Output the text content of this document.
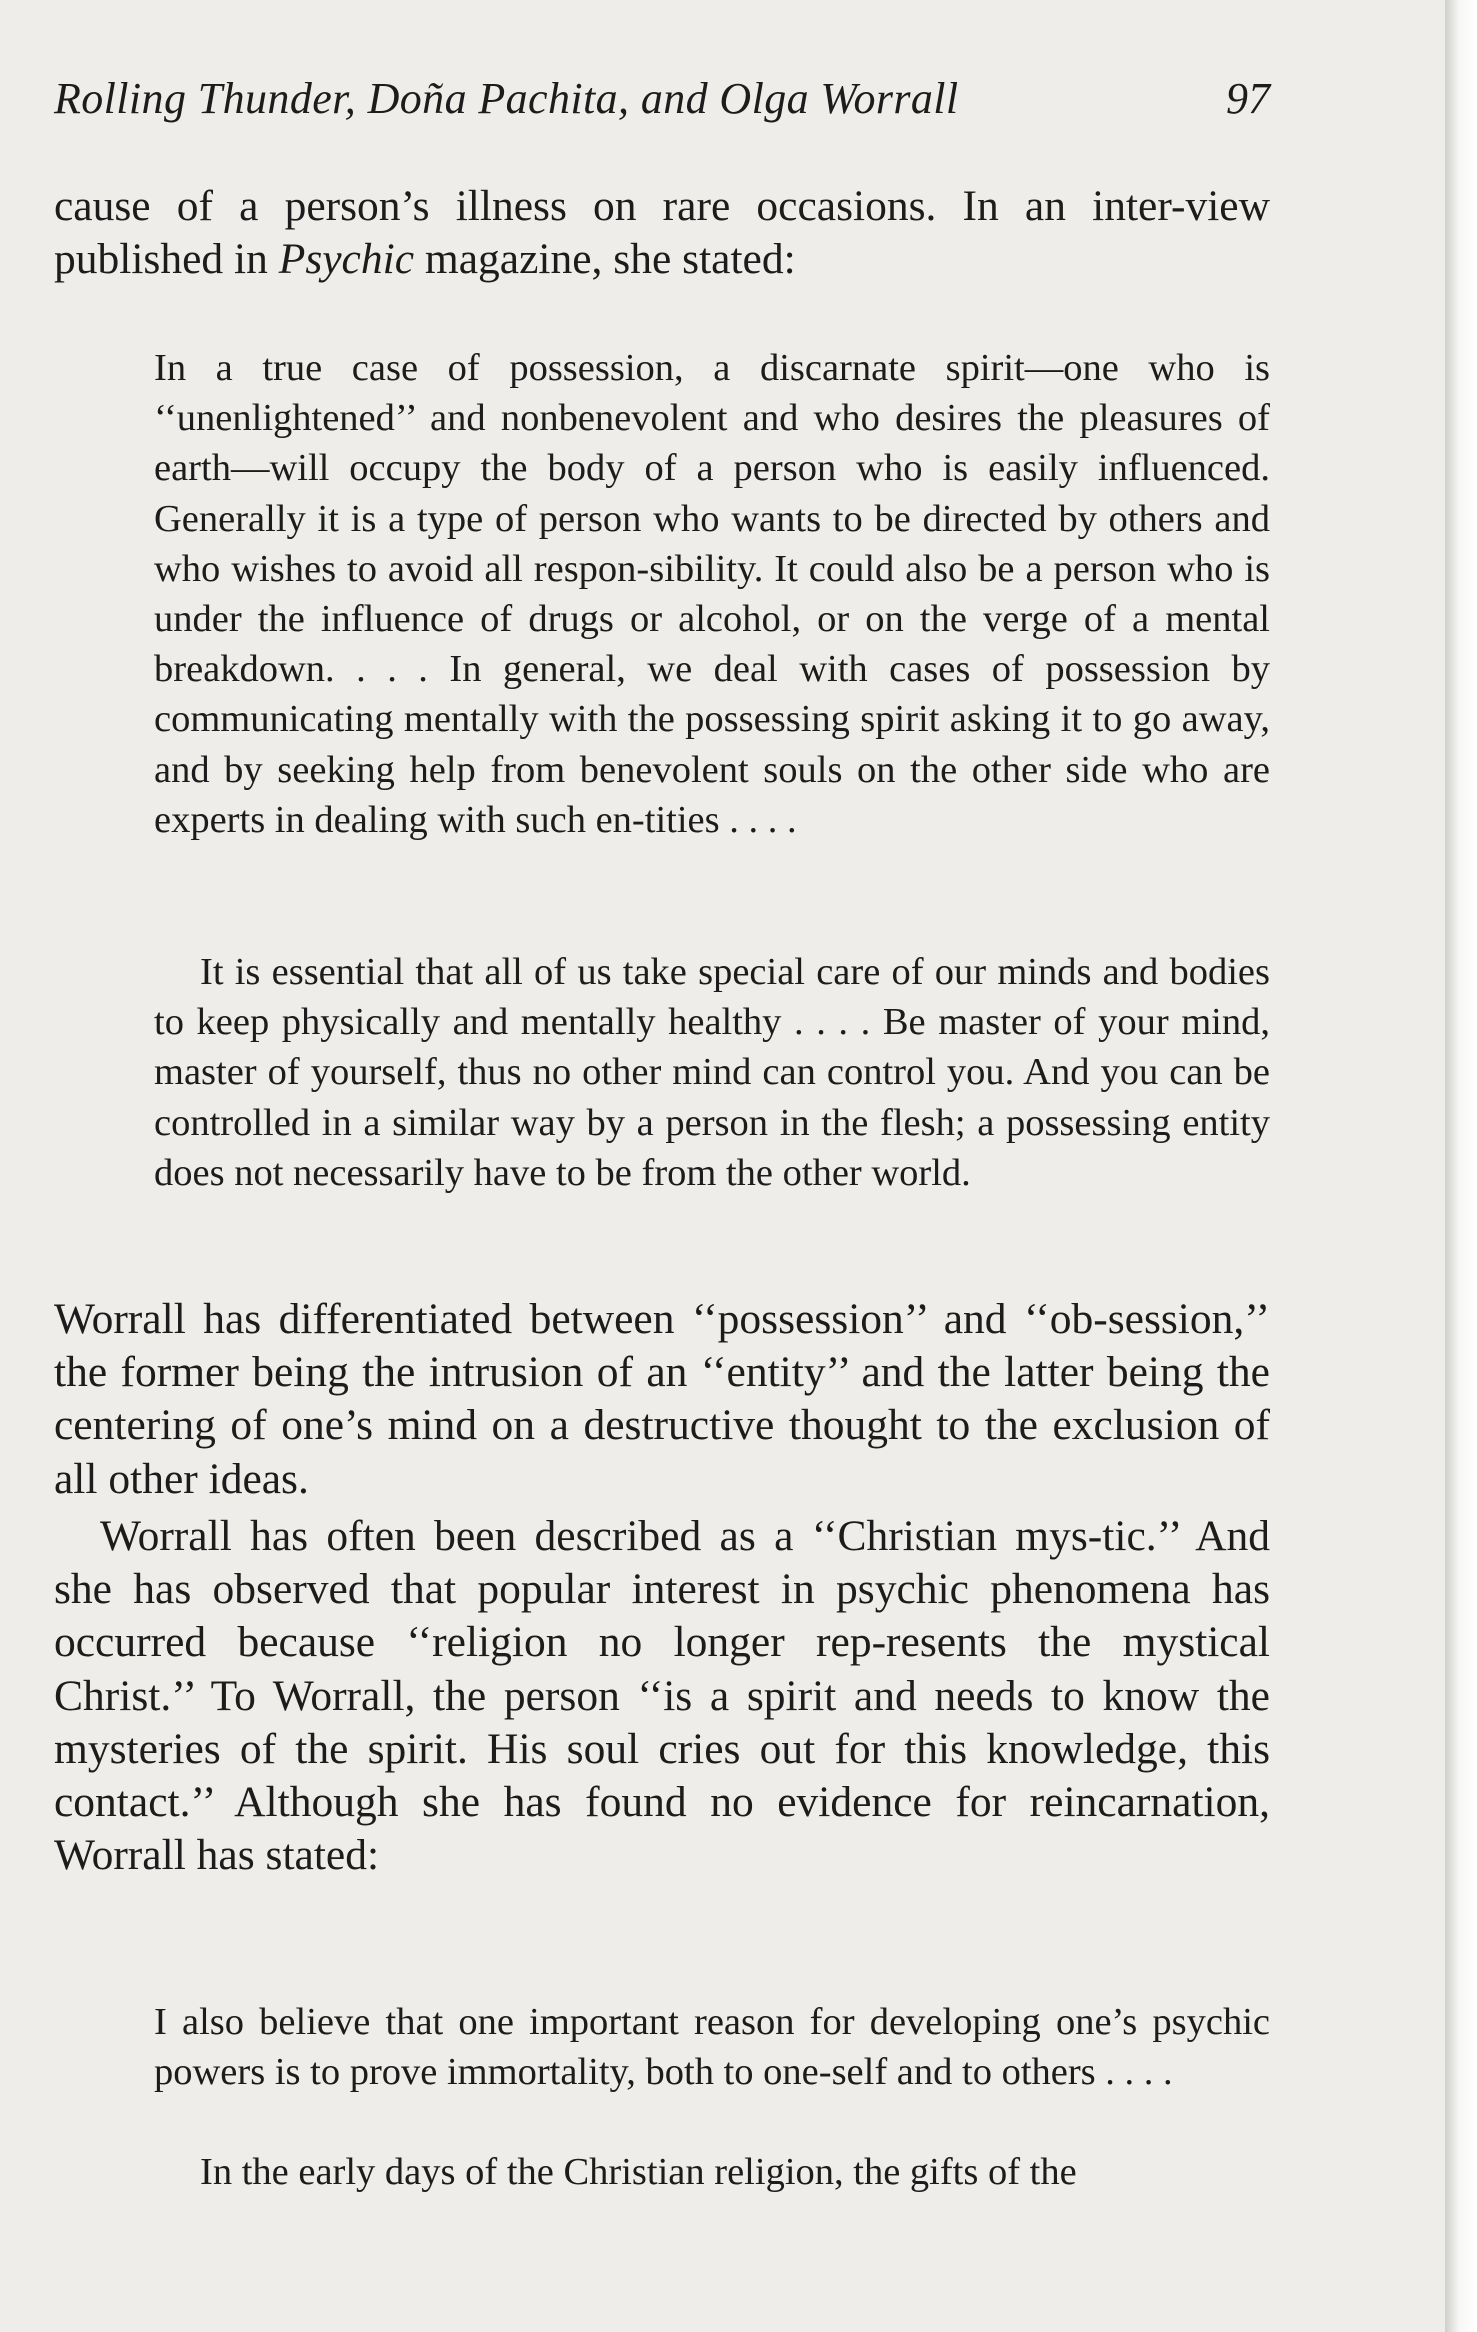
Rolling Thunder, Doña Pachita, and Olga Worrall	97

cause of a person’s illness on rare occasions. In an inter-view published in Psychic magazine, she stated:

In a true case of possession, a discarnate spirit—one who is ‘‘unenlightened’’ and nonbenevolent and who desires the pleasures of earth—will occupy the body of a person who is easily influenced. Generally it is a type of person who wants to be directed by others and who wishes to avoid all respon-sibility. It could also be a person who is under the influence of drugs or alcohol, or on the verge of a mental breakdown. . . . In general, we deal with cases of possession by communicating mentally with the possessing spirit asking it to go away, and by seeking help from benevolent souls on the other side who are experts in dealing with such en-tities . . . .

It is essential that all of us take special care of our minds and bodies to keep physically and mentally healthy . . . . Be master of your mind, master of yourself, thus no other mind can control you. And you can be controlled in a similar way by a person in the flesh; a possessing entity does not necessarily have to be from the other world.

Worrall has differentiated between ‘‘possession’’ and ‘‘ob-session,’’ the former being the intrusion of an ‘‘entity’’ and the latter being the centering of one’s mind on a destructive thought to the exclusion of all other ideas.

Worrall has often been described as a ‘‘Christian mys-tic.’’ And she has observed that popular interest in psychic phenomena has occurred because ‘‘religion no longer rep-resents the mystical Christ.’’ To Worrall, the person ‘‘is a spirit and needs to know the mysteries of the spirit. His soul cries out for this knowledge, this contact.’’ Although she has found no evidence for reincarnation, Worrall has stated:

I also believe that one important reason for developing one’s psychic powers is to prove immortality, both to one-self and to others . . . .

In the early days of the Christian religion, the gifts of the
